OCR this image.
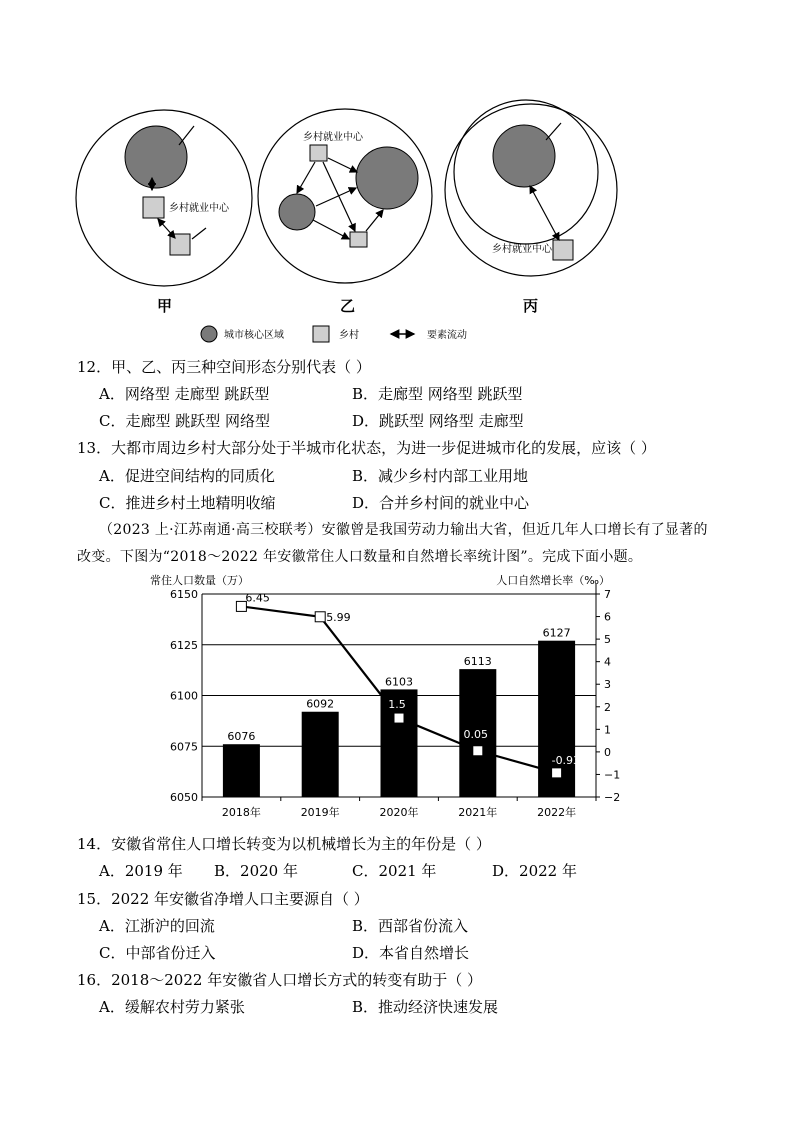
乡村就业中心
乡村就业中心
乡村就业中心
甲	乙	丙
城市核心区域	乡村	要素流动
12．甲、乙、丙三种空间形态分别代表（ ）
A．网络型 走廊型 跳跃型	B．走廊型 网络型 跳跃型
C．走廊型 跳跃型 网络型	D．跳跃型 网络型 走廊型
13．大都市周边乡村大部分处于半城市化状态，为进一步促进城市化的发展，应该（ ）
A．促进空间结构的同质化	B．减少乡村内部工业用地
C．推进乡村土地精明收缩	D．合并乡村间的就业中心
（2023 上·江苏南通·高三校联考）安徽曾是我国劳动力输出大省，但近几年人口增长有了显著的
改变。下图为“2018～2022 年安徽常住人口数量和自然增长率统计图”。完成下面小题。
常住人口数量（万）	人口自然增长率（‰）
6150
6125
6100
6075
6050
7
6
5
4
3
2
1
0
−1
−2
2018年	2019年	2020年	2021年	2022年
6076
6092
6103
6113
6127
6.45
5.99
1.5
0.05
-0.93
14．安徽省常住人口增长转变为以机械增长为主的年份是（ ）
A．2019 年 B．2020 年	C．2021 年	D．2022 年
15．2022 年安徽省净增人口主要源自（ ）
A．江浙沪的回流	B．西部省份流入
C．中部省份迁入	D．本省自然增长
16．2018～2022 年安徽省人口增长方式的转变有助于（ ）
A．缓解农村劳力紧张	B．推动经济快速发展
